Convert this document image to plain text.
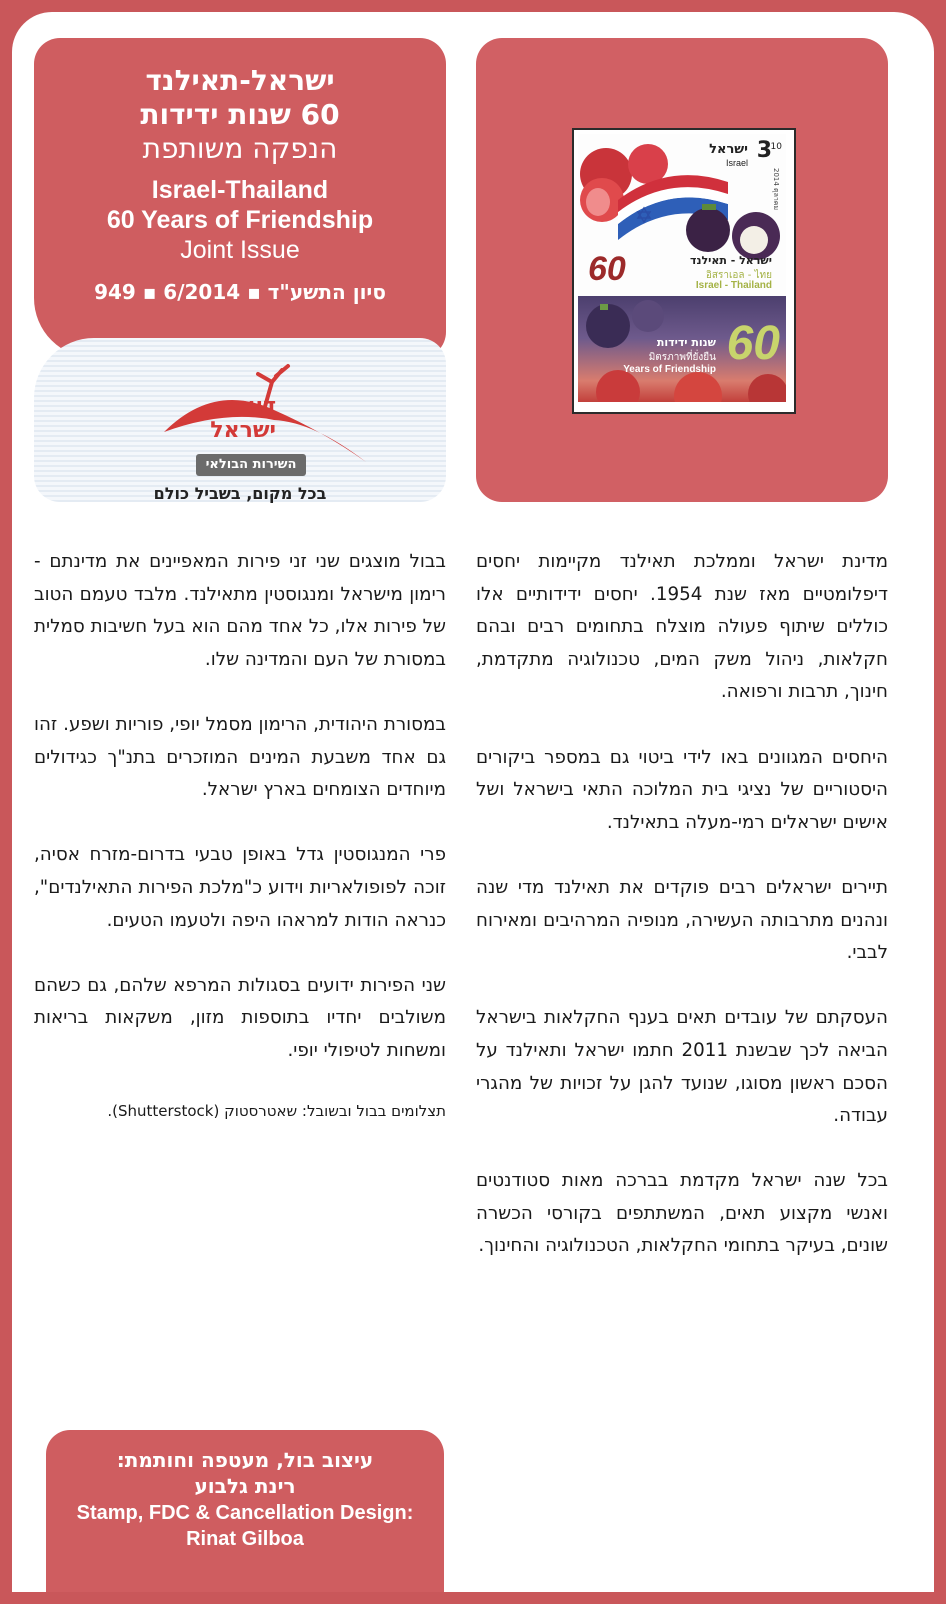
ישראל-תאילנד
60 שנות ידידות
הנפקה משותפת
Israel-Thailand
60 Years of Friendship
Joint Issue
סיון התשע"ד ▪ 6/2014 ▪ 949
דואר
ישראל
השירות הבולאי
בכל מקום, בשביל כולם
ישראל
Israel 3
10
2014 ตุลาคม
60	ישראל - תאילנד
อิสราเอล - ไทย
Israel - Thailand
60
שנות ידידות
มิตรภาพที่ยั่งยืน
Years of Friendship

מדינת ישראל וממלכת תאילנד מקיימות יחסים דיפלומטיים מאז שנת 1954. יחסים ידידותיים אלו כוללים שיתוף פעולה מוצלח בתחומים רבים ובהם חקלאות, ניהול משק המים, טכנולוגיה מתקדמת, חינוך, תרבות ורפואה.

היחסים המגוונים באו לידי ביטוי גם במספר ביקורים היסטוריים של נציגי בית המלוכה התאי בישראל ושל אישים ישראלים רמי-מעלה בתאילנד.

תיירים ישראלים רבים פוקדים את תאילנד מדי שנה ונהנים מתרבותה העשירה, מנופיה המרהיבים ומאירוח לבבי.

העסקתם של עובדים תאים בענף החקלאות בישראל הביאה לכך שבשנת 2011 חתמו ישראל ותאילנד על הסכם ראשון מסוגו, שנועד להגן על זכויות של מהגרי עבודה.

בכל שנה ישראל מקדמת בברכה מאות סטודנטים ואנשי מקצוע תאים, המשתתפים בקורסי הכשרה שונים, בעיקר בתחומי החקלאות, הטכנולוגיה והחינוך.

בבול מוצגים שני זני פירות המאפיינים את מדינתם - רימון מישראל ומנגוסטין מתאילנד. מלבד טעמם הטוב של פירות אלו, כל אחד מהם הוא בעל חשיבות סמלית במסורת של העם והמדינה שלו.

במסורת היהודית, הרימון מסמל יופי, פוריות ושפע. זהו גם אחד משבעת המינים המוזכרים בתנ"ך כגידולים מיוחדים הצומחים בארץ ישראל.

פרי המנגוסטין גדל באופן טבעי בדרום-מזרח אסיה, זוכה לפופולאריות וידוע כ"מלכת הפירות התאילנדים", כנראה הודות למראהו היפה ולטעמו הטעים.

שני הפירות ידועים בסגולות המרפא שלהם, גם כשהם משולבים יחדיו בתוספות מזון, משקאות בריאות ומשחות לטיפולי יופי.

תצלומים בבול ובשובל: שאטרסטוק (Shutterstock).

עיצוב בול, מעטפה וחותמת:
רינת גלבוע
Stamp, FDC & Cancellation Design:
Rinat Gilboa
